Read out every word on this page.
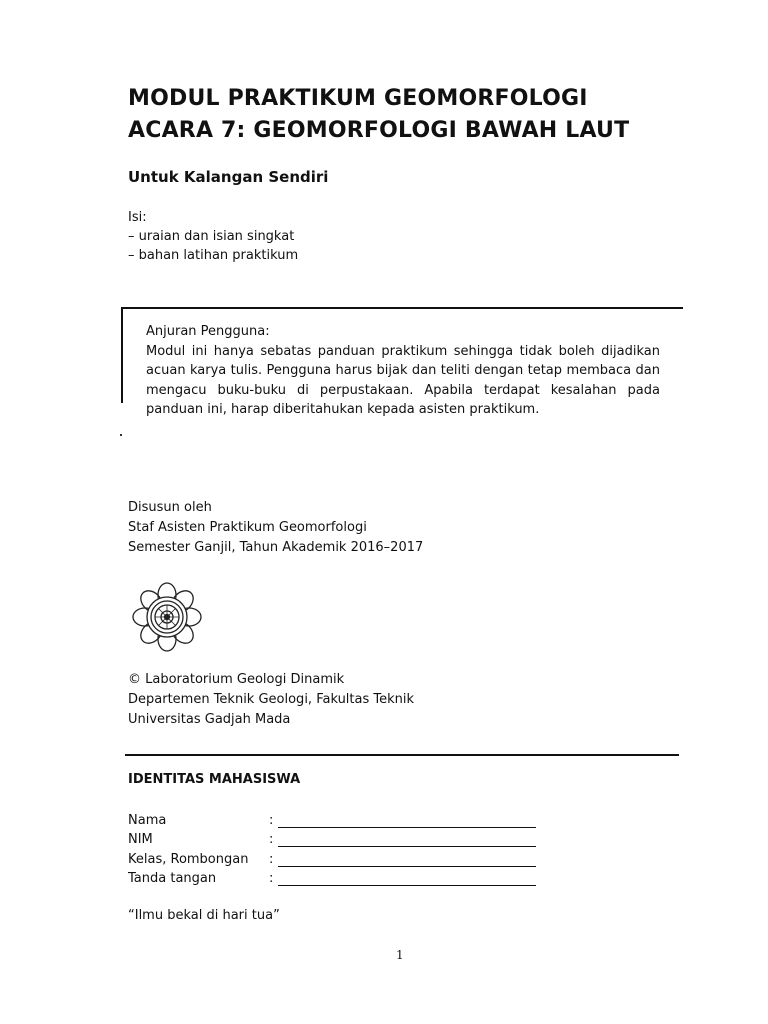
MODUL PRAKTIKUM GEOMORFOLOGI
ACARA 7: GEOMORFOLOGI BAWAH LAUT
Untuk Kalangan Sendiri
Isi:
– uraian dan isian singkat
– bahan latihan praktikum
Anjuran Pengguna:
Modul ini hanya sebatas panduan praktikum sehingga tidak boleh dijadikan acuan karya tulis. Pengguna harus bijak dan teliti dengan tetap membaca dan mengacu buku-buku di perpustakaan. Apabila terdapat kesalahan pada panduan ini, harap diberitahukan kepada asisten praktikum.
Disusun oleh
Staf Asisten Praktikum Geomorfologi
Semester Ganjil, Tahun Akademik 2016–2017
© Laboratorium Geologi Dinamik
Departemen Teknik Geologi, Fakultas Teknik
Universitas Gadjah Mada
IDENTITAS MAHASISWA
Nama	:
NIM	:
Kelas, Rombongan :
Tanda tangan	:
“Ilmu bekal di hari tua”
1
